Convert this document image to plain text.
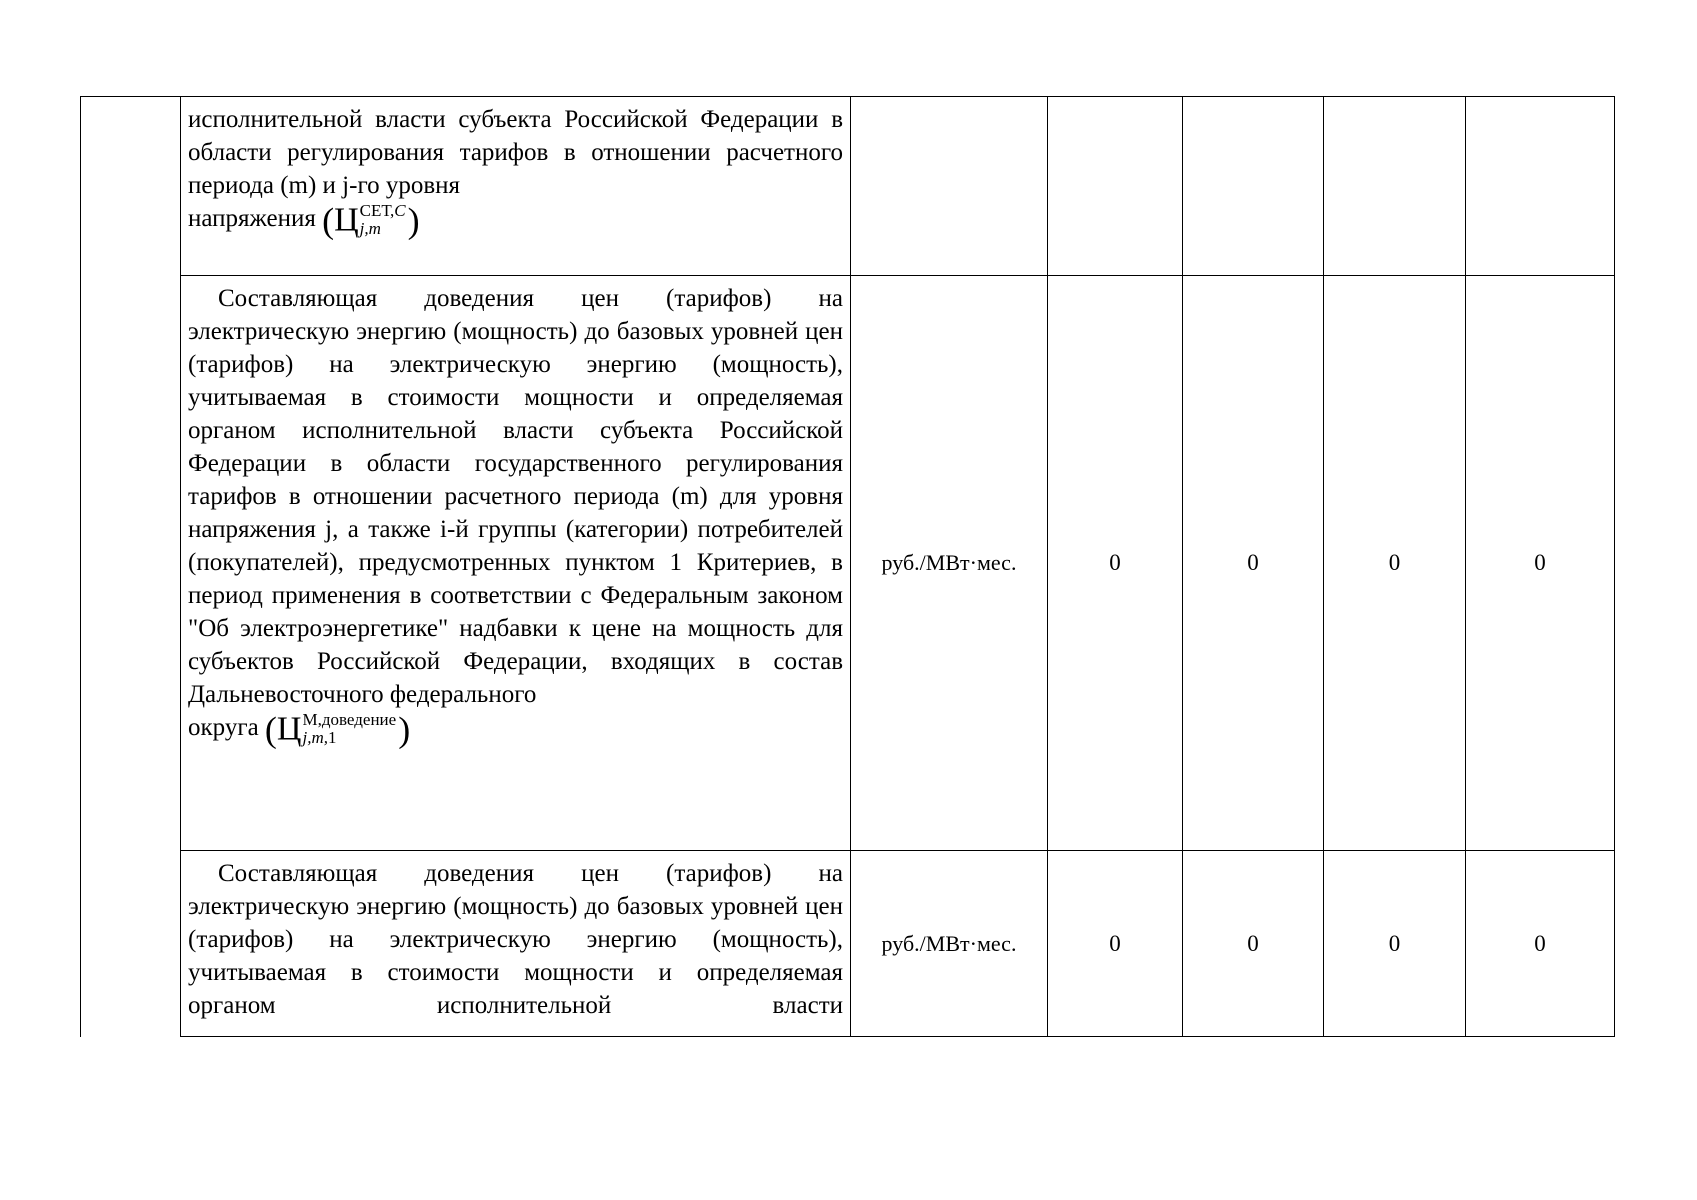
	исполнительной власти субъекта Российской Федерации в области регулирования тарифов в отношении расчетного периода (m) и j-го уровня
напряжения (Ц СЕТ,C
j,m )					

	Составляющая доведения цен (тарифов) на электрическую энергию (мощность) до базовых уровней цен (тарифов) на электрическую энергию (мощность), учитываемая в стоимости мощности и определяемая органом исполнительной власти субъекта Российской Федерации в области государственного регулирования тарифов в отношении расчетного периода (m) для уровня напряжения j, а также i-й группы (категории) потребителей (покупателей), предусмотренных пунктом 1 Критериев, в период применения в соответствии с Федеральным законом "Об электроэнергетике" надбавки к цене на мощность для субъектов Российской Федерации, входящих в состав Дальневосточного федерального
округа (Ц М,доведение
j,m,1 )	руб./МВт·мес.	0	0	0	0

	Составляющая доведения цен (тарифов) на электрическую энергию (мощность) до базовых уровней цен (тарифов) на электрическую энергию (мощность), учитываемая в стоимости мощности и определяемая органом исполнительной власти	руб./МВт·мес.	0	0	0	0
